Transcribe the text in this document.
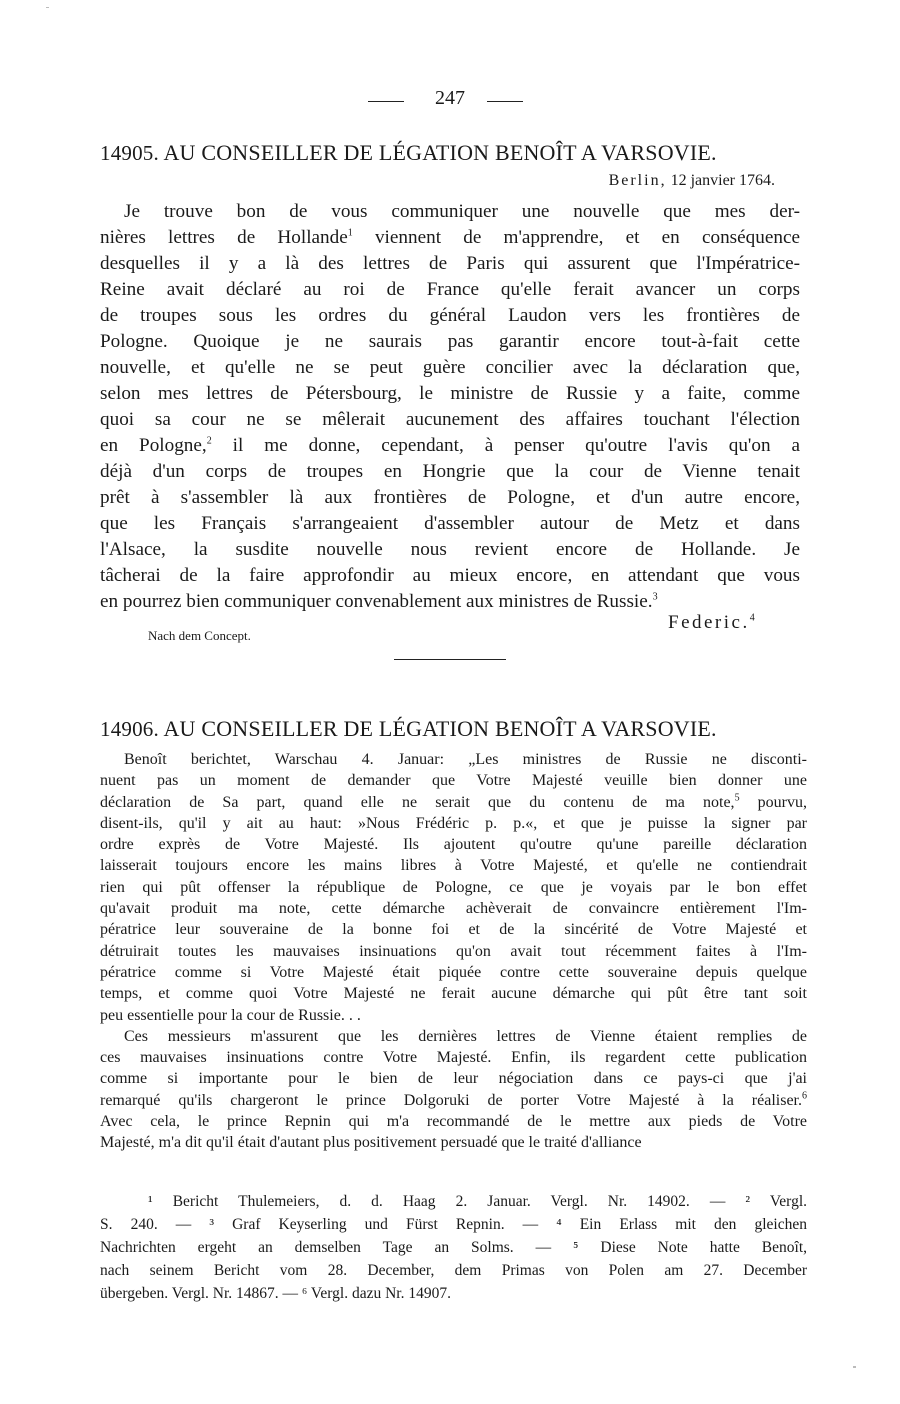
247
14905. AU CONSEILLER DE LÉGATION BENOÎT A VARSOVIE.
Berlin, 12 janvier 1764.
Je trouve bon de vous communiquer une nouvelle que mes der-
nières lettres de Hollande$^1$ viennent de m'apprendre, et en conséquence
desquelles il y a là des lettres de Paris qui assurent que l'Impératrice-
Reine avait déclaré au roi de France qu'elle ferait avancer un corps
de troupes sous les ordres du général Laudon vers les frontières de
Pologne. Quoique je ne saurais pas garantir encore tout-à-fait cette
nouvelle, et qu'elle ne se peut guère concilier avec la déclaration que,
selon mes lettres de Pétersbourg, le ministre de Russie y a faite, comme
quoi sa cour ne se mêlerait aucunement des affaires touchant l'élection
en Pologne,$^2$ il me donne, cependant, à penser qu'outre l'avis qu'on a
déjà d'un corps de troupes en Hongrie que la cour de Vienne tenait
prêt à s'assembler là aux frontières de Pologne, et d'un autre encore,
que les Français s'arrangeaient d'assembler autour de Metz et dans
l'Alsace, la susdite nouvelle nous revient encore de Hollande. Je
tâcherai de la faire approfondir au mieux encore, en attendant que vous
en pourrez bien communiquer convenablement aux ministres de Russie.$^3$
Nach dem Concept.
Federic.$^4$
14906. AU CONSEILLER DE LÉGATION BENOÎT A VARSOVIE.
Benoît berichtet, Warschau 4. Januar: „Les ministres de Russie ne disconti-
nuent pas un moment de demander que Votre Majesté veuille bien donner une
déclaration de Sa part, quand elle ne serait que du contenu de ma note,$^5$ pourvu,
disent-ils, qu'il y ait au haut: »Nous Frédéric p. p.«, et que je puisse la signer par
ordre exprès de Votre Majesté. Ils ajoutent qu'outre qu'une pareille déclaration
laisserait toujours encore les mains libres à Votre Majesté, et qu'elle ne contiendrait
rien qui pût offenser la république de Pologne, ce que je voyais par le bon effet
qu'avait produit ma note, cette démarche achèverait de convaincre entièrement l'Im-
pératrice leur souveraine de la bonne foi et de la sincérité de Votre Majesté et
détruirait toutes les mauvaises insinuations qu'on avait tout récemment faites à l'Im-
pératrice comme si Votre Majesté était piquée contre cette souveraine depuis quelque
temps, et comme quoi Votre Majesté ne ferait aucune démarche qui pût être tant soit
peu essentielle pour la cour de Russie. . .
Ces messieurs m'assurent que les dernières lettres de Vienne étaient remplies de
ces mauvaises insinuations contre Votre Majesté. Enfin, ils regardent cette publication
comme si importante pour le bien de leur négociation dans ce pays-ci que j'ai
remarqué qu'ils chargeront le prince Dolgoruki de porter Votre Majesté à la réaliser.$^6$
Avec cela, le prince Repnin qui m'a recommandé de le mettre aux pieds de Votre
Majesté, m'a dit qu'il était d'autant plus positivement persuadé que le traité d'alliance
¹ Bericht Thulemeiers, d. d. Haag 2. Januar. Vergl. Nr. 14902. — ² Vergl.
S. 240. — ³ Graf Keyserling und Fürst Repnin. — ⁴ Ein Erlass mit den gleichen
Nachrichten ergeht an demselben Tage an Solms. — ⁵ Diese Note hatte Benoît,
nach seinem Bericht vom 28. December, dem Primas von Polen am 27. December
übergeben. Vergl. Nr. 14867. — ⁶ Vergl. dazu Nr. 14907.
